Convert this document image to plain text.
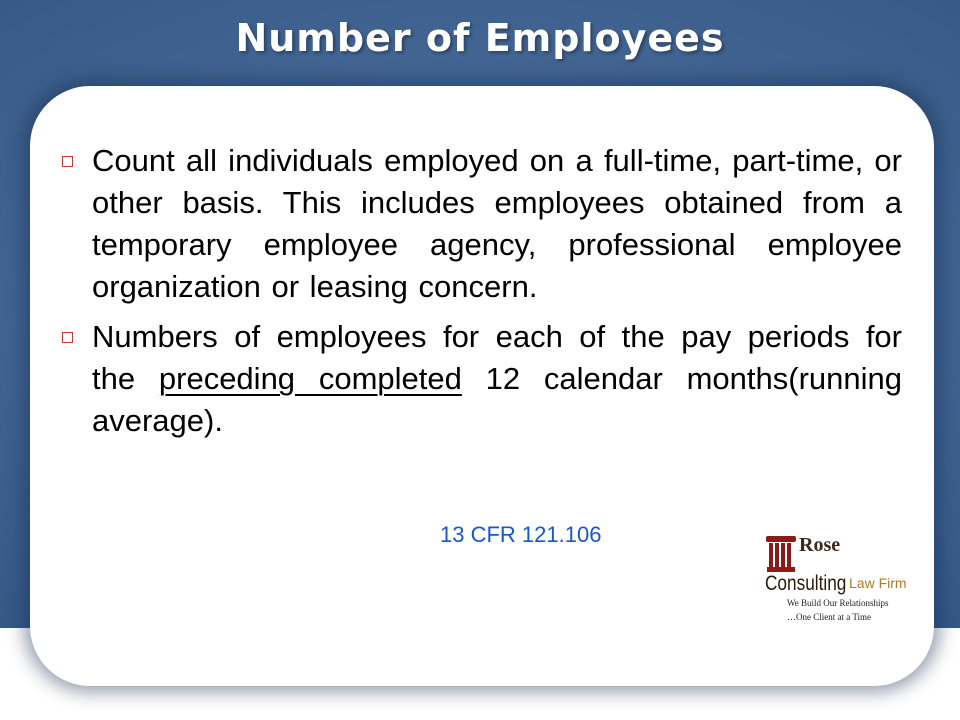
Number of Employees
Count all individuals employed on a full-time, part-time, or other basis. This includes employees obtained from a temporary employee agency, professional employee organization or leasing concern.
Numbers of employees for each of the pay periods for the preceding completed 12 calendar months(running average).
13 CFR 121.106	Rose
Consulting Law Firm
We Build Our Relationships
…One Client at a Time
